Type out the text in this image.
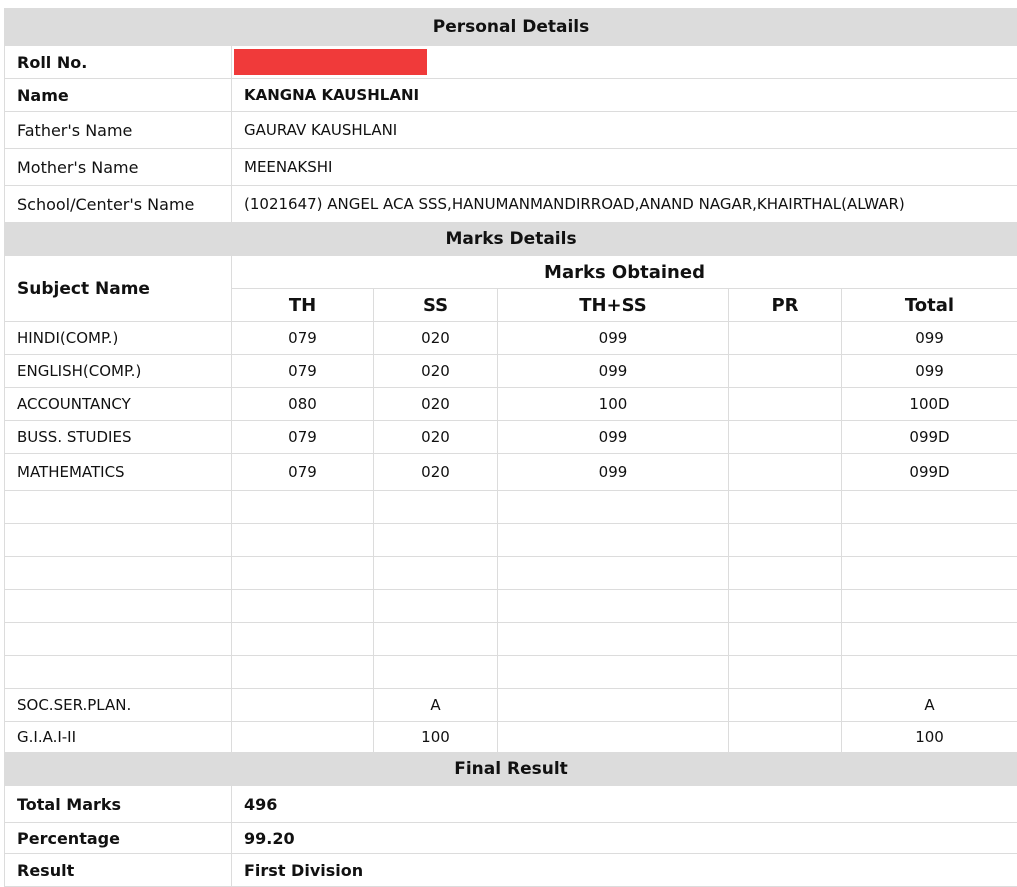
Personal Details					
Roll No.					
Name	KANGNA KAUSHLANI				
Father's Name	GAURAV KAUSHLANI				
Mother's Name	MEENAKSHI				
School/Center's Name	(1021647) ANGEL ACA SSS,HANUMANMANDIRROAD,ANAND NAGAR,KHAIRTHAL(ALWAR)				
Marks Details					
Subject Name	Marks Obtained				
	TH	SS	TH+SS	PR	Total
HINDI(COMP.)	079	020	099		099
ENGLISH(COMP.)	079	020	099		099
ACCOUNTANCY	080	020	100		100D
BUSS. STUDIES	079	020	099		099D
MATHEMATICS	079	020	099		099D

SOC.SER.PLAN.		A			A
G.I.A.I-II		100			100
Final Result					
Total Marks	496				
Percentage	99.20				
Result	First Division				
